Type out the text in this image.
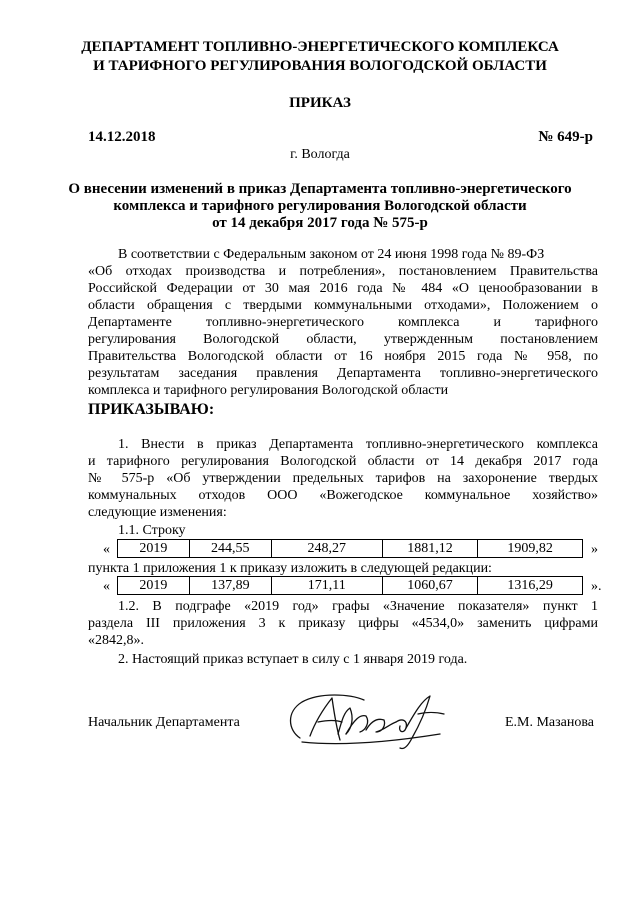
ДЕПАРТАМЕНТ ТОПЛИВНО-ЭНЕРГЕТИЧЕСКОГО КОМПЛЕКСА
И ТАРИФНОГО РЕГУЛИРОВАНИЯ ВОЛОГОДСКОЙ ОБЛАСТИ
ПРИКАЗ
14.12.2018	№ 649-р
г. Вологда
О внесении изменений в приказ Департамента топливно-энергетического
комплекса и тарифного регулирования Вологодской области
от 14 декабря 2017 года № 575-р
В соответствии с Федеральным законом от 24 июня 1998 года № 89-ФЗ
«Об отходах производства и потребления», постановлением Правительства
Российской Федерации от 30 мая 2016 года № 484 «О ценообразовании в
области обращения с твердыми коммунальными отходами», Положением о
Департаменте топливно-энергетического комплекса и тарифного
регулирования Вологодской области, утвержденным постановлением
Правительства Вологодской области от 16 ноября 2015 года № 958, по
результатам заседания правления Департамента топливно-энергетического
комплекса и тарифного регулирования Вологодской области
ПРИКАЗЫВАЮ:
1. Внести в приказ Департамента топливно-энергетического комплекса
и тарифного регулирования Вологодской области от 14 декабря 2017 года
№ 575-р «Об утверждении предельных тарифов на захоронение твердых
коммунальных отходов ООО «Вожегодское коммунальное хозяйство»
следующие изменения:
1.1. Строку
« 2019	244,55	248,27	1881,12	1909,82	»
пункта 1 приложения 1 к приказу изложить в следующей редакции:
« 2019	137,89	171,11	1060,67	1316,29	».
1.2. В подграфе «2019 год» графы «Значение показателя» пункт 1
раздела III приложения 3 к приказу цифры «4534,0» заменить цифрами
«2842,8».
2. Настоящий приказ вступает в силу с 1 января 2019 года.
Начальник Департамента	Е.М. Мазанова
